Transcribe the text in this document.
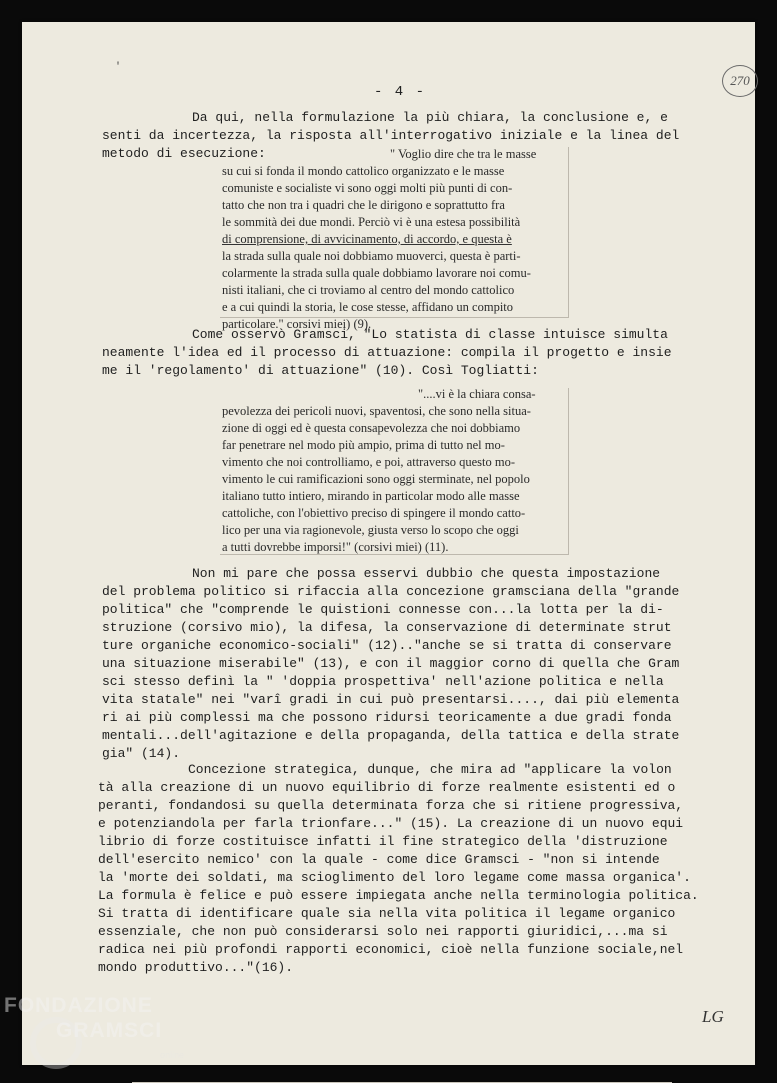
270
'
- 4 -
Da qui, nella formulazione la più chiara, la conclusione e, e
senti da incertezza, la risposta all'interrogativo iniziale e la linea del
metodo di esecuzione:	" Voglio dire che tra le masse
su cui si fonda il mondo cattolico organizzato e le masse
comuniste e socialiste vi sono oggi molti più punti di con-
tatto che non tra i quadri che le dirigono e soprattutto fra
le sommità dei due mondi. Perciò vi è una estesa possibilità
di comprensione, di avvicinamento, di accordo, e questa è
la strada sulla quale noi dobbiamo muoverci, questa è parti-
colarmente la strada sulla quale dobbiamo lavorare noi comu-
nisti italiani, che ci troviamo al centro del mondo cattolico
e a cui quindi la storia, le cose stesse, affidano un compito
particolare." corsivi miei) (9).
Come osservò Gramsci, "Lo statista di classe intuisce simulta
neamente l'idea ed il processo di attuazione: compila il progetto e insie
me il 'regolamento' di attuazione" (10). Così Togliatti:
"....vi è la chiara consa-
pevolezza dei pericoli nuovi, spaventosi, che sono nella situa-
zione di oggi ed è questa consapevolezza che noi dobbiamo
far penetrare nel modo più ampio, prima di tutto nel mo-
vimento che noi controlliamo, e poi, attraverso questo mo-
vimento le cui ramificazioni sono oggi sterminate, nel popolo
italiano tutto intiero, mirando in particolar modo alle masse
cattoliche, con l'obiettivo preciso di spingere il mondo catto-
lico per una via ragionevole, giusta verso lo scopo che oggi
a tutti dovrebbe imporsi!" (corsivi miei) (11).
Non mi pare che possa esservi dubbio che questa impostazione
del problema politico si rifaccia alla concezione gramsciana della "grande
politica" che "comprende le quistioni connesse con...la lotta per la di-
struzione (corsivo mio), la difesa, la conservazione di determinate strut
ture organiche economico-sociali" (12).."anche se si tratta di conservare
una situazione miserabile" (13), e con il maggior corno di quella che Gram
sci stesso definì la " 'doppia prospettiva' nell'azione politica e nella
vita statale" nei "varî gradi in cui può presentarsi...., dai più elementa
ri ai più complessi ma che possono ridursi teoricamente a due gradi fonda
mentali...dell'agitazione e della propaganda, della tattica e della strate
gia" (14).
Concezione strategica, dunque, che mira ad "applicare la volon
tà alla creazione di un nuovo equilibrio di forze realmente esistenti ed o
peranti, fondandosi su quella determinata forza che si ritiene progressiva,
e potenziandola per farla trionfare..." (15). La creazione di un nuovo equi
librio di forze costituisce infatti il fine strategico della 'distruzione
dell'esercito nemico' con la quale - come dice Gramsci - "non si intende
la 'morte dei soldati, ma scioglimento del loro legame come massa organica'.
La formula è felice e può essere impiegata anche nella terminologia politica.
Si tratta di identificare quale sia nella vita politica il legame organico
essenziale, che non può considerarsi solo nei rapporti giuridici,...ma si
radica nei più profondi rapporti economici, cioè nella funzione sociale,nel
mondo produttivo..."(16).
LG
FONDAZIONE
GRAMSCI
online
